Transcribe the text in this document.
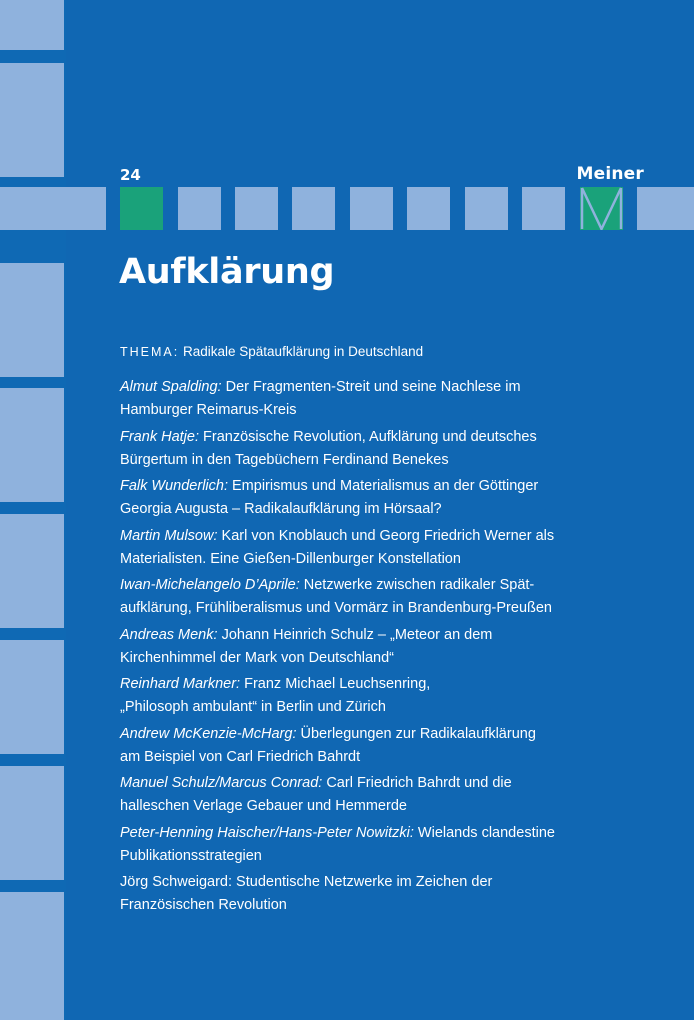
24	Meiner
Aufklärung
THEMA: Radikale Spätaufklärung in Deutschland
Almut Spalding: Der Fragmenten-Streit und seine Nachlese im
Hamburger Reimarus-Kreis
Frank Hatje: Französische Revolution, Aufklärung und deutsches
Bürgertum in den Tagebüchern Ferdinand Benekes
Falk Wunderlich: Empirismus und Materialismus an der Göttinger
Georgia Augusta – Radikalaufklärung im Hörsaal?
Martin Mulsow: Karl von Knoblauch und Georg Friedrich Werner als
Materialisten. Eine Gießen-Dillenburger Konstellation
Iwan-Michelangelo D’Aprile: Netzwerke zwischen radikaler Spät-
aufklärung, Frühliberalismus und Vormärz in Brandenburg-Preußen
Andreas Menk: Johann Heinrich Schulz – „Meteor an dem
Kirchenhimmel der Mark von Deutschland“
Reinhard Markner: Franz Michael Leuchsenring,
„Philosoph ambulant“ in Berlin und Zürich
Andrew McKenzie-McHarg: Überlegungen zur Radikalaufklärung
am Beispiel von Carl Friedrich Bahrdt
Manuel Schulz/Marcus Conrad: Carl Friedrich Bahrdt und die
halleschen Verlage Gebauer und Hemmerde
Peter-Henning Haischer/Hans-Peter Nowitzki: Wielands clandestine
Publikationsstrategien
Jörg Schweigard: Studentische Netzwerke im Zeichen der
Französischen Revolution
